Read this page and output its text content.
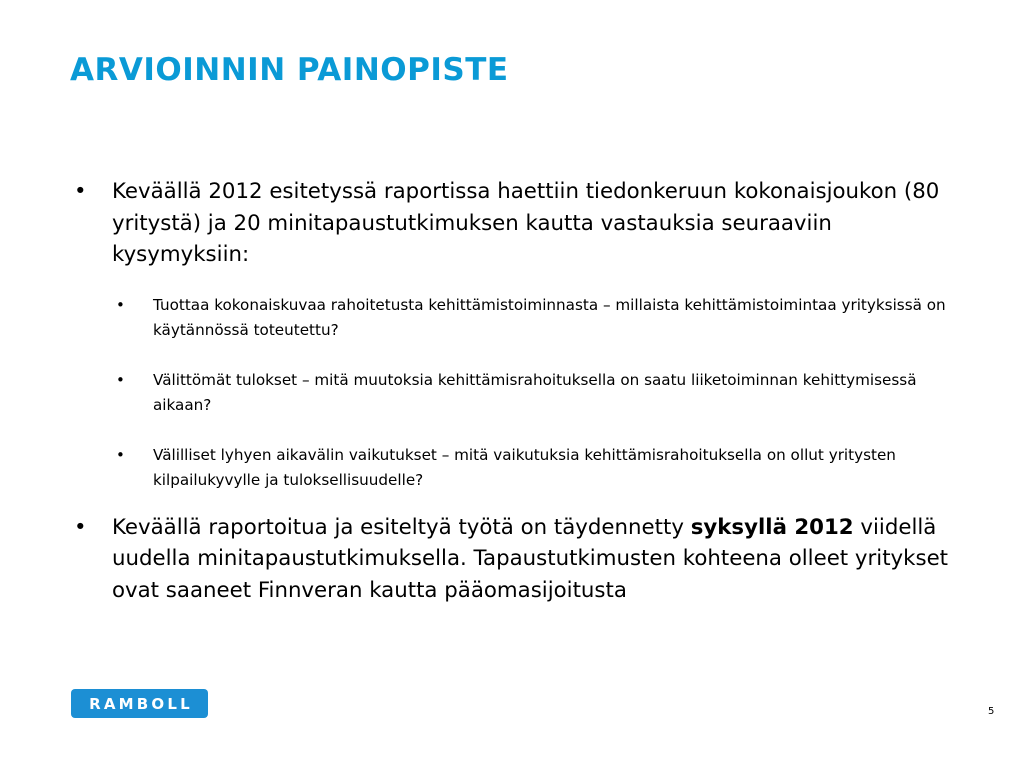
ARVIOINNIN PAINOPISTE

• Keväällä 2012 esitetyssä raportissa haettiin tiedonkeruun kokonaisjoukon (80 yritystä) ja 20 minitapaustutkimuksen kautta vastauksia seuraaviin kysymyksiin:

• Tuottaa kokonaiskuvaa rahoitetusta kehittämistoiminnasta – millaista kehittämistoimintaa yrityksissä on käytännössä toteutettu?

• Välittömät tulokset – mitä muutoksia kehittämisrahoituksella on saatu liiketoiminnan kehittymisessä aikaan?

• Välilliset lyhyen aikavälin vaikutukset – mitä vaikutuksia kehittämisrahoituksella on ollut yritysten kilpailukyvylle ja tuloksellisuudelle?

• Keväällä raportoitua ja esiteltyä työtä on täydennetty syksyllä 2012 viidellä uudella minitapaustutkimuksella. Tapaustutkimusten kohteena olleet yritykset ovat saaneet Finnveran kautta pääomasijoitusta

RAMBOLL	5
